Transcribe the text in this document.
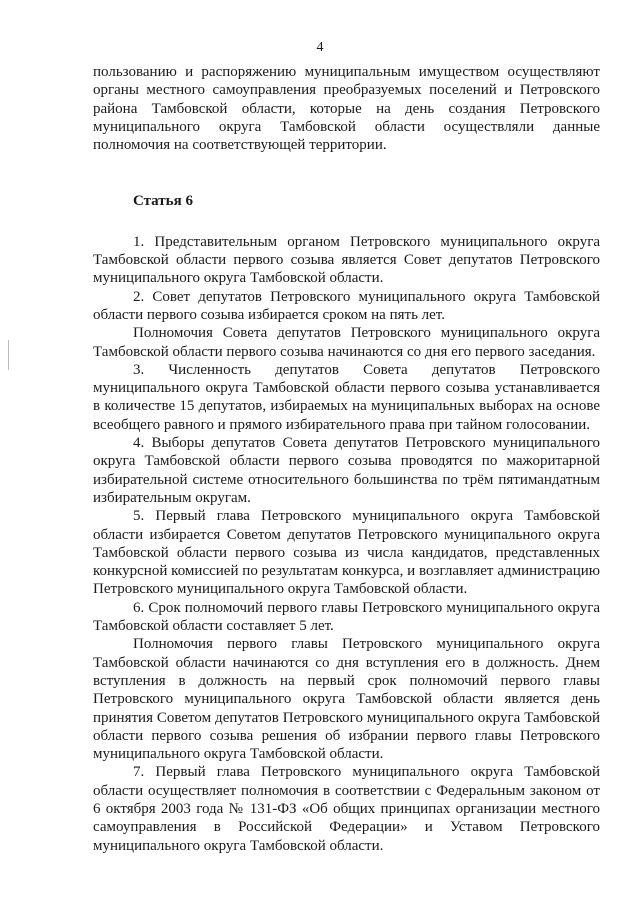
4

пользованию и распоряжению муниципальным имуществом осуществляют органы местного самоуправления преобразуемых поселений и Петровского района Тамбовской области, которые на день создания Петровского муниципального округа Тамбовской области осуществляли данные полномочия на соответствующей территории.

Статья 6

1. Представительным органом Петровского муниципального округа Тамбовской области первого созыва является Совет депутатов Петровского муниципального округа Тамбовской области.

2. Совет депутатов Петровского муниципального округа Тамбовской области первого созыва избирается сроком на пять лет.

Полномочия Совета депутатов Петровского муниципального округа Тамбовской области первого созыва начинаются со дня его первого заседания.

3. Численность депутатов Совета депутатов Петровского муниципального округа Тамбовской области первого созыва устанавливается в количестве 15 депутатов, избираемых на муниципальных выборах на основе всеобщего равного и прямого избирательного права при тайном голосовании.

4. Выборы депутатов Совета депутатов Петровского муниципального округа Тамбовской области первого созыва проводятся по мажоритарной избирательной системе относительного большинства по трём пятимандатным избирательным округам.

5. Первый глава Петровского муниципального округа Тамбовской области избирается Советом депутатов Петровского муниципального округа Тамбовской области первого созыва из числа кандидатов, представленных конкурсной комиссией по результатам конкурса, и возглавляет администрацию Петровского муниципального округа Тамбовской области.

6. Срок полномочий первого главы Петровского муниципального округа Тамбовской области составляет 5 лет.

Полномочия первого главы Петровского муниципального округа Тамбовской области начинаются со дня вступления его в должность. Днем вступления в должность на первый срок полномочий первого главы Петровского муниципального округа Тамбовской области является день принятия Советом депутатов Петровского муниципального округа Тамбовской области первого созыва решения об избрании первого главы Петровского муниципального округа Тамбовской области.

7. Первый глава Петровского муниципального округа Тамбовской области осуществляет полномочия в соответствии с Федеральным законом от 6 октября 2003 года № 131-ФЗ «Об общих принципах организации местного самоуправления в Российской Федерации» и Уставом Петровского муниципального округа Тамбовской области.
